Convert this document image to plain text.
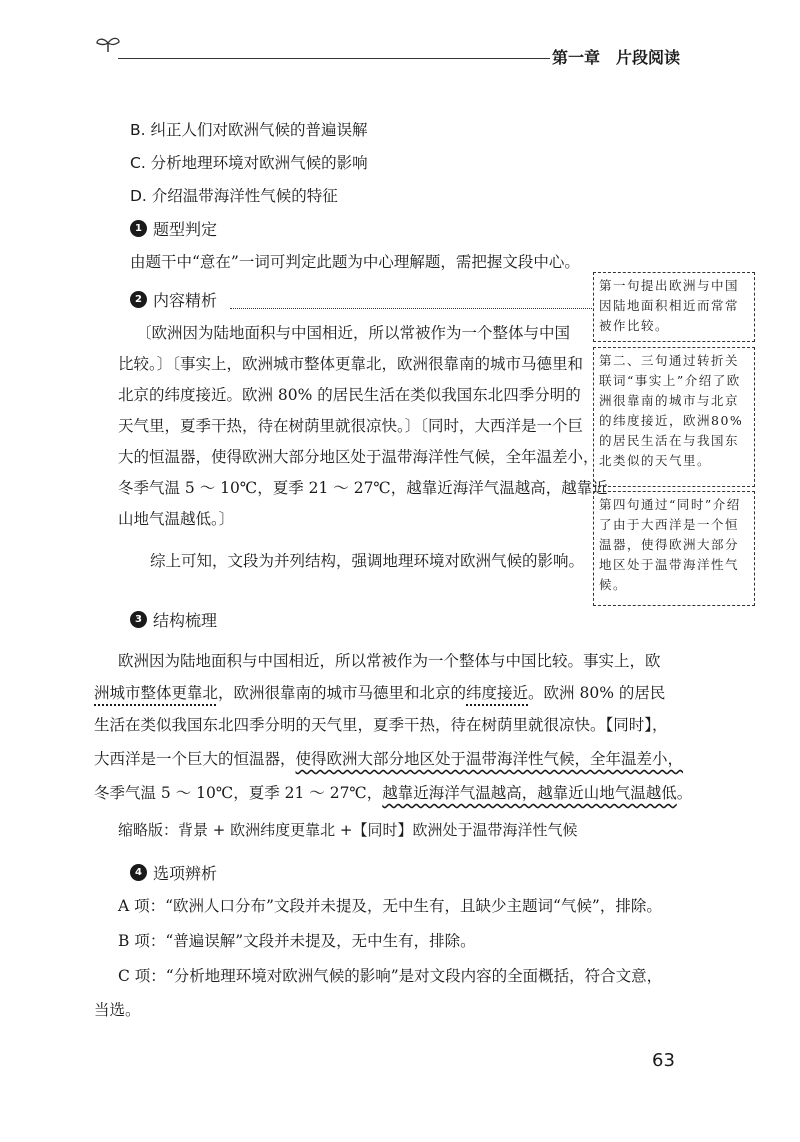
第一章　片段阅读
B. 纠正人们对欧洲气候的普遍误解
C. 分析地理环境对欧洲气候的影响
D. 介绍温带海洋性气候的特征
1 题型判定
由题干中“意在”一词可判定此题为中心理解题，需把握文段中心。
2 内容精析
〔欧洲因为陆地面积与中国相近，所以常被作为一个整体与中国
比较。〕〔事实上，欧洲城市整体更靠北，欧洲很靠南的城市马德里和
北京的纬度接近。欧洲 80% 的居民生活在类似我国东北四季分明的
天气里，夏季干热，待在树荫里就很凉快。〕〔同时，大西洋是一个巨
大的恒温器，使得欧洲大部分地区处于温带海洋性气候，全年温差小，
冬季气温 5 ～ 10℃，夏季 21 ～ 27℃，越靠近海洋气温越高，越靠近
山地气温越低。〕
综上可知，文段为并列结构，强调地理环境对欧洲气候的影响。
第一句提出欧洲与中国因陆地面积相近而常常被作比较。
第二、三句通过转折关联词“事实上”介绍了欧洲很靠南的城市与北京的纬度接近，欧洲80%的居民生活在与我国东北类似的天气里。
第四句通过“同时”介绍了由于大西洋是一个恒温器，使得欧洲大部分地区处于温带海洋性气候。
3 结构梳理
欧洲因为陆地面积与中国相近，所以常被作为一个整体与中国比较。事实上，欧
洲城市整体更靠北，欧洲很靠南的城市马德里和北京的纬度接近。欧洲 80% 的居民
生活在类似我国东北四季分明的天气里，夏季干热，待在树荫里就很凉快。【同时】，
大西洋是一个巨大的恒温器，使得欧洲大部分地区处于温带海洋性气候，全年温差小，
冬季气温 5 ～ 10℃，夏季 21 ～ 27℃，越靠近海洋气温越高，越靠近山地气温越低。
缩略版：背景 + 欧洲纬度更靠北 +【同时】欧洲处于温带海洋性气候
4 选项辨析
A 项：“欧洲人口分布”文段并未提及，无中生有，且缺少主题词“气候”，排除。
B 项：“普遍误解”文段并未提及，无中生有，排除。
C 项：“分析地理环境对欧洲气候的影响”是对文段内容的全面概括，符合文意，
当选。
63
